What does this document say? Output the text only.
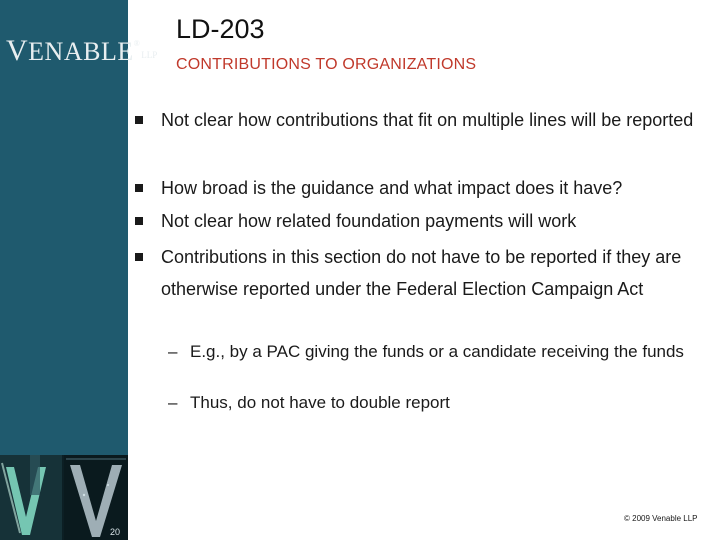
VENABLE®LLP
20
LD-203
CONTRIBUTIONS TO ORGANIZATIONS
Not clear how contributions that fit on multiple lines will be reported
How broad is the guidance and what impact does it have?
Not clear how related foundation payments will work
Contributions in this section do not have to be reported if they are otherwise reported under the Federal Election Campaign Act
– E.g., by a PAC giving the funds or a candidate receiving the funds
– Thus, do not have to double report
© 2009 Venable LLP
